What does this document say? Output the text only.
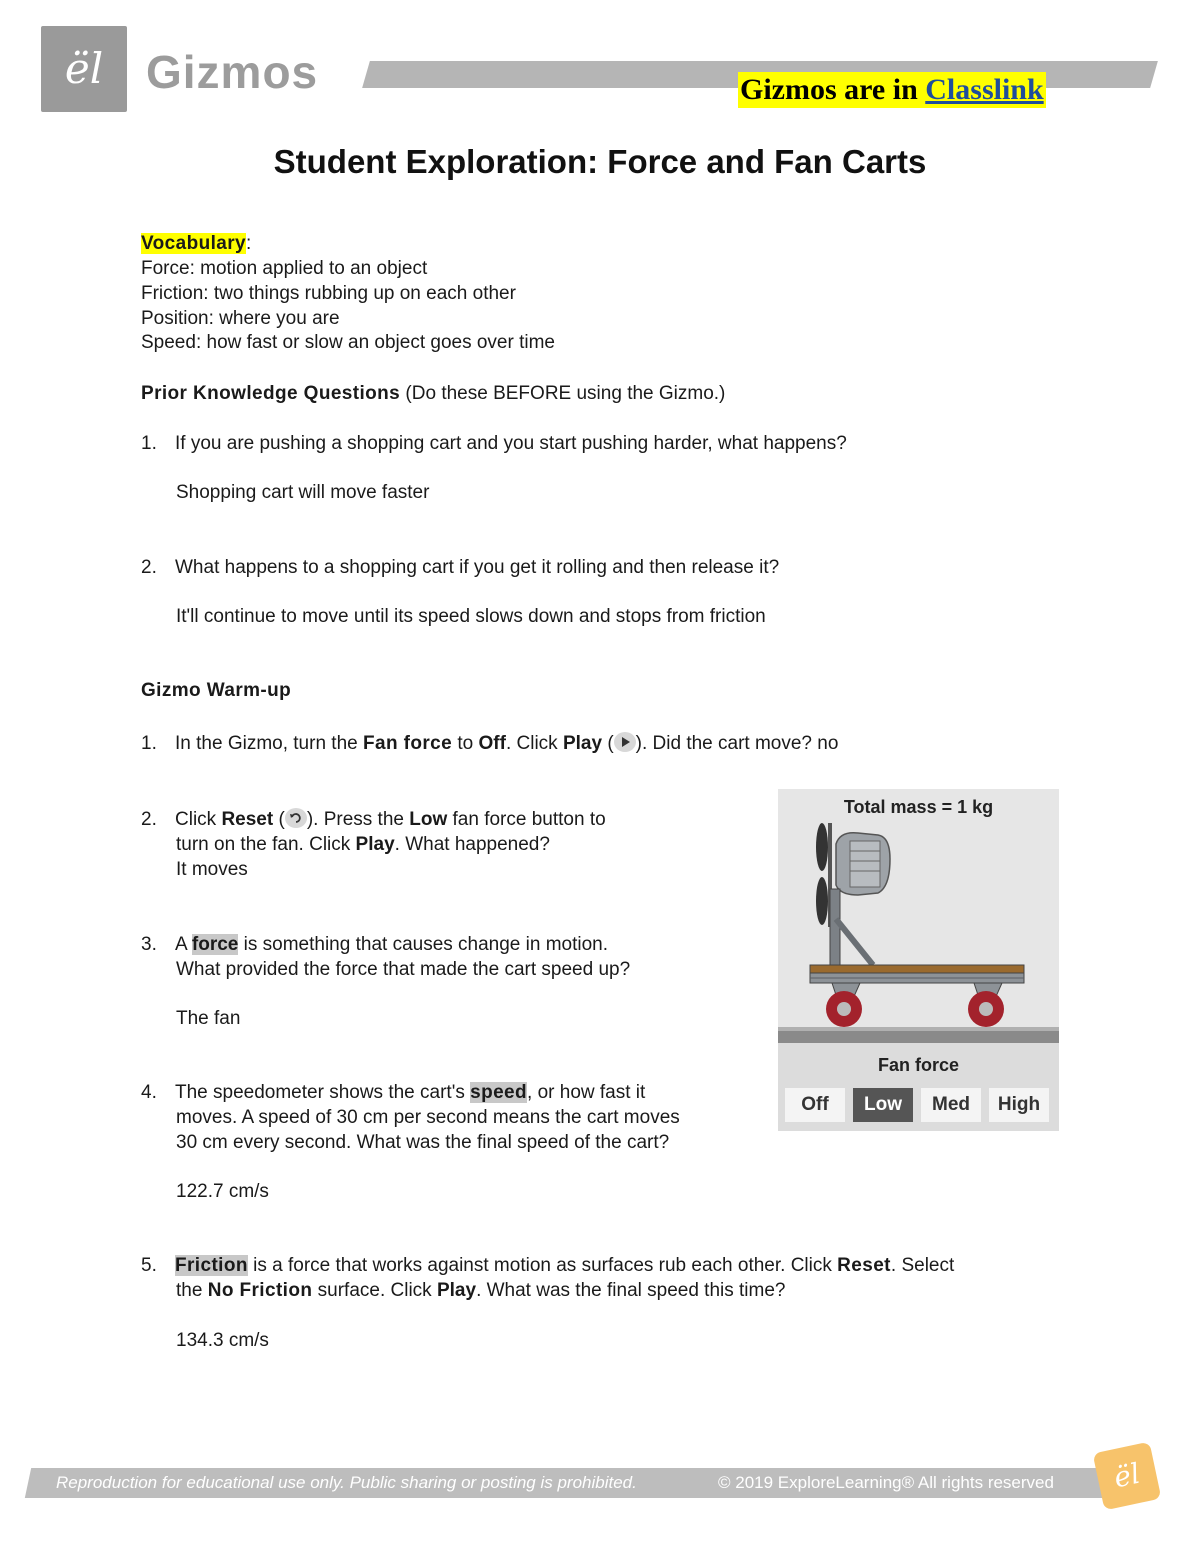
ël Gizmos	Gizmos are in Classlink
Student Exploration: Force and Fan Carts
Vocabulary:
Force: motion applied to an object
Friction: two things rubbing up on each other
Position: where you are
Speed: how fast or slow an object goes over time
Prior Knowledge Questions (Do these BEFORE using the Gizmo.)
1. If you are pushing a shopping cart and you start pushing harder, what happens?
Shopping cart will move faster
2. What happens to a shopping cart if you get it rolling and then release it?
It'll continue to move until its speed slows down and stops from friction
Gizmo Warm-up
1. In the Gizmo, turn the Fan force to Off. Click Play ( ). Did the cart move? no
2. Click Reset ( ). Press the Low fan force button to
turn on the fan. Click Play. What happened?
It moves
3. A force is something that causes change in motion.
What provided the force that made the cart speed up?
The fan
4. The speedometer shows the cart's speed, or how fast it
moves. A speed of 30 cm per second means the cart moves
30 cm every second. What was the final speed of the cart?
122.7 cm/s
5. Friction is a force that works against motion as surfaces rub each other. Click Reset. Select
the No Friction surface. Click Play. What was the final speed this time?
134.3 cm/s
Total mass = 1 kg
Fan force
Off	Low	Med	High
Reproduction for educational use only. Public sharing or posting is prohibited.	© 2019 ExploreLearning® All rights reserved	ël
